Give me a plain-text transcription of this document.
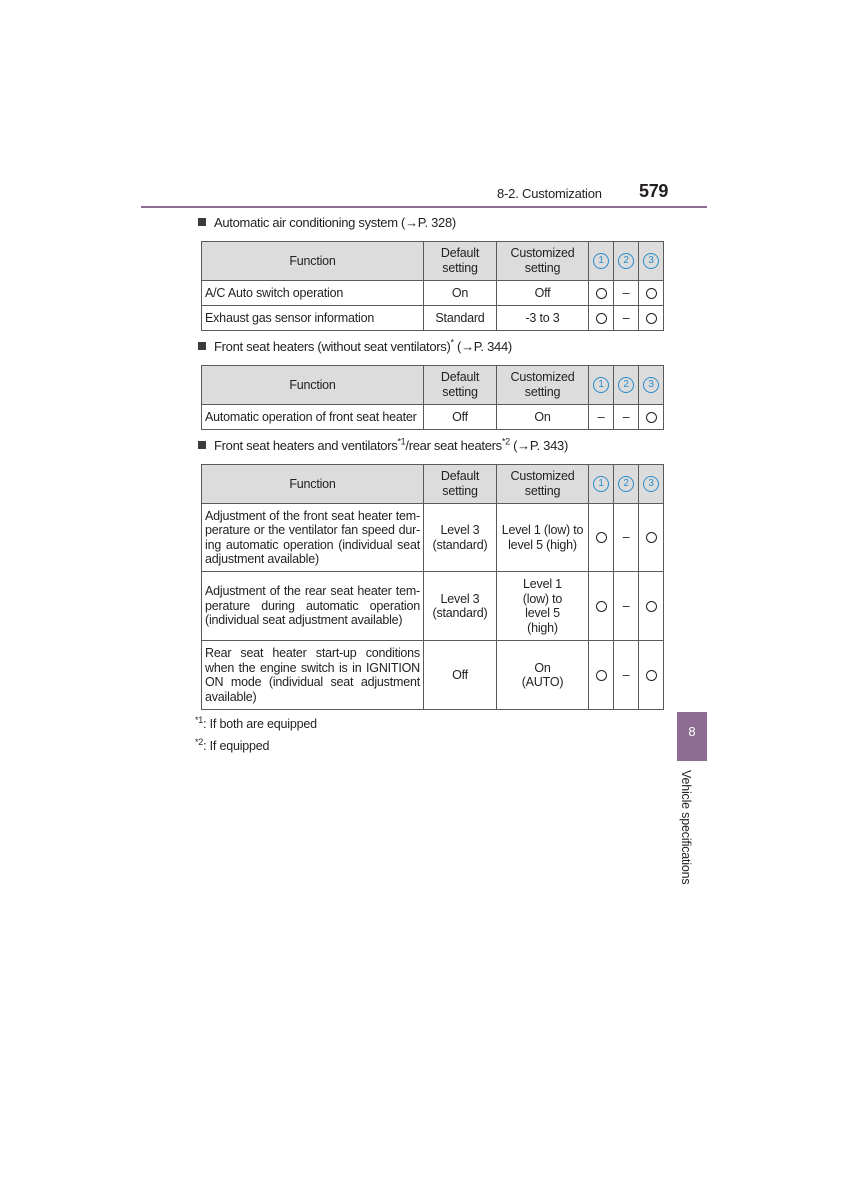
8-2. Customization 579
Automatic air conditioning system (→P. 328)
Function	Default setting	Customized setting	1	2	3
A/C Auto switch operation	On	Off		–	
Exhaust gas sensor information	Standard	-3 to 3		–	
Front seat heaters (without seat ventilators)* (→P. 344)
Function	Default setting	Customized setting	1	2	3
Automatic operation of front seat heater	Off	On	–	–	
Front seat heaters and ventilators$^{*1}$/rear seat heaters$^{*2}$ (→P. 343)
Function	Default setting	Customized setting	1	2	3
Adjustment of the front seat heater tem- perature or the ventilator fan speed dur- ing automatic operation (individual seat adjustment available)	Level 3 (standard)	Level 1 (low) to level 5 (high)		–	
Adjustment of the rear seat heater tem- perature during automatic operation (individual seat adjustment available)	Level 3 (standard)	Level 1 (low) to level 5 (high)		–	
Rear seat heater start-up conditions when the engine switch is in IGNITION ON mode (individual seat adjustment available)	Off	On (AUTO)		–	
$^{*1}$: If both are equipped
$^{*2}$: If equipped
8
Vehicle specifications
